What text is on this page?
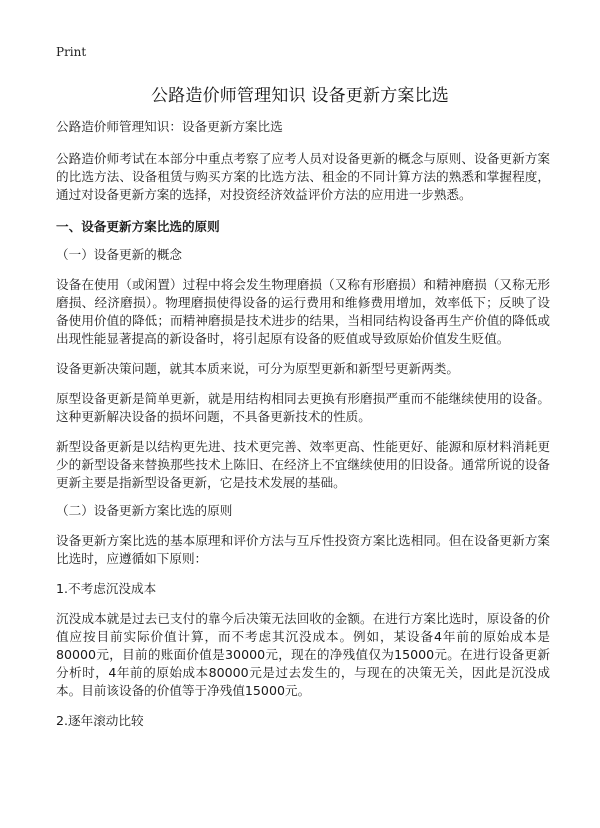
Print
公路造价师管理知识 设备更新方案比选

公路造价师管理知识：设备更新方案比选

公路造价师考试在本部分中重点考察了应考人员对设备更新的概念与原则、设备更新方案的比选方法、设备租赁与购买方案的比选方法、租金的不同计算方法的熟悉和掌握程度，通过对设备更新方案的选择，对投资经济效益评价方法的应用进一步熟悉。

一、设备更新方案比选的原则
（一）设备更新的概念

设备在使用（或闲置）过程中将会发生物理磨损（又称有形磨损）和精神磨损（又称无形磨损、经济磨损）。物理磨损使得设备的运行费用和维修费用增加，效率低下；反映了设备使用价值的降低；而精神磨损是技术进步的结果，当相同结构设备再生产价值的降低或出现性能显著提高的新设备时，将引起原有设备的贬值或导致原始价值发生贬值。

设备更新决策问题，就其本质来说，可分为原型更新和新型号更新两类。

原型设备更新是简单更新，就是用结构相同去更换有形磨损严重而不能继续使用的设备。这种更新解决设备的损坏问题，不具备更新技术的性质。

新型设备更新是以结构更先进、技术更完善、效率更高、性能更好、能源和原材料消耗更少的新型设备来替换那些技术上陈旧、在经济上不宜继续使用的旧设备。通常所说的设备更新主要是指新型设备更新，它是技术发展的基础。

（二）设备更新方案比选的原则

设备更新方案比选的基本原理和评价方法与互斥性投资方案比选相同。但在设备更新方案比选时，应遵循如下原则：

1.不考虑沉没成本

沉没成本就是过去已支付的靠今后决策无法回收的金额。在进行方案比选时，原设备的价值应按目前实际价值计算，而不考虑其沉没成本。例如，某设备4年前的原始成本是80000元，目前的账面价值是30000元，现在的净残值仅为15000元。在进行设备更新分析时，4年前的原始成本80000元是过去发生的，与现在的决策无关，因此是沉没成本。目前该设备的价值等于净残值15000元。

2.逐年滚动比较
